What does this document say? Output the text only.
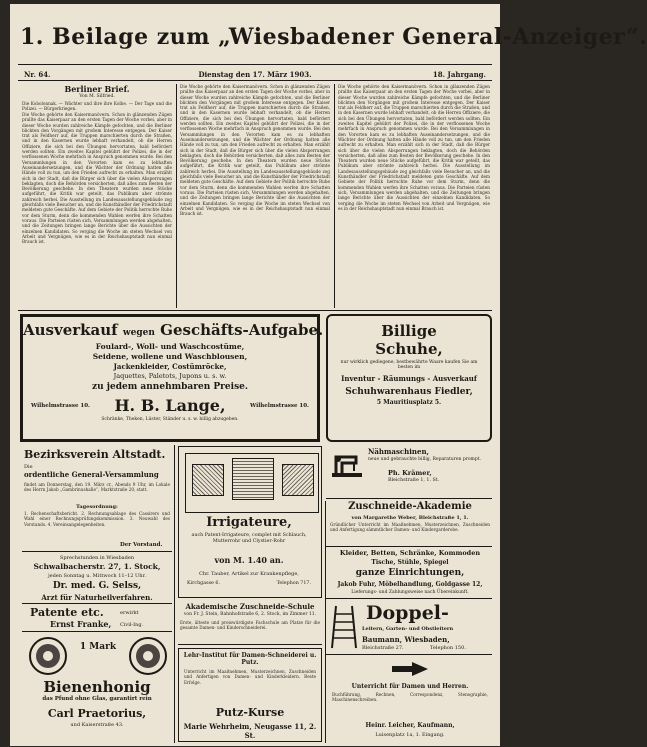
1. Beilage zum „Wiesbadener General-Anzeiger“.
Nr. 64.	Dienstag den 17. März 1903.	18. Jahrgang.
Berliner Brief.
Von M. Silfried.
Die Kobolonnak. — Wächter und ihre ihre Kolbe. — Der Tage und die Polizei. — Bürgerkriegen.
Die Woche gehörte den Kaisermanövern. Schon in glänzenden Zügen prallte das Kaiserpaar an den ersten Tagen der Woche vorbei, aber in dieser Woche wurden zahlreiche Kämpfe gefochten, und die Berliner blickten den Vorgängen mit großem Interesse entgegen. Der Kaiser trat als Feldherr auf, die Truppen marschierten durch die Straßen, und in den Kasernen wurde lebhaft verhandelt, ob die Herren Offiziere, die sich bei den Übungen hervortaten, bald befördert werden sollten. Ein zweites Kapitel gebührt der Polizei, die in der verflossenen Woche mehrfach in Anspruch genommen wurde. Bei den Versammlungen in den Vororten kam es zu lebhaften Auseinandersetzungen, und die Wächter der Ordnung hatten alle Hände voll zu tun, um den Frieden aufrecht zu erhalten. Man erzählt sich in der Stadt, daß die Bürger sich über die vielen Absperrungen beklagten, doch die Behörden versicherten, daß alles zum Besten der Bevölkerung geschehe. In den Theatern wurden neue Stücke aufgeführt, die Kritik war geteilt, das Publikum aber strömte zahlreich herbei. Die Ausstellung im Landesausstellungsgebäude zog gleichfalls viele Besucher an, und die Kunsthändler der Friedrichstadt meldeten gute Geschäfte. Auf dem Gebiete der Politik herrschte Ruhe vor dem Sturm, denn die kommenden Wahlen werfen ihre Schatten voraus. Die Parteien rüsten sich, Versammlungen werden abgehalten, und die Zeitungen bringen lange Berichte über die Aussichten der einzelnen Kandidaten. So verging die Woche im steten Wechsel von Arbeit und Vergnügen, wie es in der Reichshauptstadt nun einmal Brauch ist.
Die Woche gehörte den Kaisermanövern. Schon in glänzenden Zügen prallte das Kaiserpaar an den ersten Tagen der Woche vorbei, aber in dieser Woche wurden zahlreiche Kämpfe gefochten, und die Berliner blickten den Vorgängen mit großem Interesse entgegen. Der Kaiser trat als Feldherr auf, die Truppen marschierten durch die Straßen, und in den Kasernen wurde lebhaft verhandelt, ob die Herren Offiziere, die sich bei den Übungen hervortaten, bald befördert werden sollten. Ein zweites Kapitel gebührt der Polizei, die in der verflossenen Woche mehrfach in Anspruch genommen wurde. Bei den Versammlungen in den Vororten kam es zu lebhaften Auseinandersetzungen, und die Wächter der Ordnung hatten alle Hände voll zu tun, um den Frieden aufrecht zu erhalten. Man erzählt sich in der Stadt, daß die Bürger sich über die vielen Absperrungen beklagten, doch die Behörden versicherten, daß alles zum Besten der Bevölkerung geschehe. In den Theatern wurden neue Stücke aufgeführt, die Kritik war geteilt, das Publikum aber strömte zahlreich herbei. Die Ausstellung im Landesausstellungsgebäude zog gleichfalls viele Besucher an, und die Kunsthändler der Friedrichstadt meldeten gute Geschäfte. Auf dem Gebiete der Politik herrschte Ruhe vor dem Sturm, denn die kommenden Wahlen werfen ihre Schatten voraus. Die Parteien rüsten sich, Versammlungen werden abgehalten, und die Zeitungen bringen lange Berichte über die Aussichten der einzelnen Kandidaten. So verging die Woche im steten Wechsel von Arbeit und Vergnügen, wie es in der Reichshauptstadt nun einmal Brauch ist.
Die Woche gehörte den Kaisermanövern. Schon in glänzenden Zügen prallte das Kaiserpaar an den ersten Tagen der Woche vorbei, aber in dieser Woche wurden zahlreiche Kämpfe gefochten, und die Berliner blickten den Vorgängen mit großem Interesse entgegen. Der Kaiser trat als Feldherr auf, die Truppen marschierten durch die Straßen, und in den Kasernen wurde lebhaft verhandelt, ob die Herren Offiziere, die sich bei den Übungen hervortaten, bald befördert werden sollten. Ein zweites Kapitel gebührt der Polizei, die in der verflossenen Woche mehrfach in Anspruch genommen wurde. Bei den Versammlungen in den Vororten kam es zu lebhaften Auseinandersetzungen, und die Wächter der Ordnung hatten alle Hände voll zu tun, um den Frieden aufrecht zu erhalten. Man erzählt sich in der Stadt, daß die Bürger sich über die vielen Absperrungen beklagten, doch die Behörden versicherten, daß alles zum Besten der Bevölkerung geschehe. In den Theatern wurden neue Stücke aufgeführt, die Kritik war geteilt, das Publikum aber strömte zahlreich herbei. Die Ausstellung im Landesausstellungsgebäude zog gleichfalls viele Besucher an, und die Kunsthändler der Friedrichstadt meldeten gute Geschäfte. Auf dem Gebiete der Politik herrschte Ruhe vor dem Sturm, denn die kommenden Wahlen werfen ihre Schatten voraus. Die Parteien rüsten sich, Versammlungen werden abgehalten, und die Zeitungen bringen lange Berichte über die Aussichten der einzelnen Kandidaten. So verging die Woche im steten Wechsel von Arbeit und Vergnügen, wie es in der Reichshauptstadt nun einmal Brauch ist.
Ausverkauf wegen Geschäfts-Aufgabe.
Foulard-, Woll- und Waschcostüme,
Seidene, wollene und Waschblousen,
Jackenkleider, Costümröcke,
Jaquettes, Paletots, Jupons u. s. w.
zu jedem annehmbaren Preise.
Wilhelmstrasse 10. H. B. Lange,	Wilhelmstrasse 10.
Schränke, Theken, Lüster, Ständer u. s. w. billig abzugeben.
Billige
Schuhe,
nur wirklich gediegene, bestbewährte Waare kaufen Sie am besten im
Inventur - Räumungs - Ausverkauf
Schuhwarenhaus Fiedler,
5 Mauritiusplatz 5.
Nähmaschinen,
neue und gebrauchte billig, Reparaturen prompt.
Ph. Krämer,
Bleichstraße 1, 1. St.
Bezirksverein Altstadt.
Die
ordentliche General-Versammlung
findet am Donnerstag, den 19. März cr., Abends 9 Uhr, im Lokale des Herrn Jakob „Gambrinushalle“, Marktstraße 20, statt.
Tagesordnung:
1. Rechenschaftsbericht. 2. Rechnungsablage des Cassirers und Wahl einer Rechnungsprüfungskommission. 3. Neuwahl des Vorstands. 4. Vereinsangelegenheiten.
Der Vorstand.
Sprechstunden in Wiesbaden
Schwalbacherstr. 27, 1. Stock,
jeden Sonntag u. Mittwoch 11–12 Uhr.
Dr. med. G. Selss,
Arzt für Naturheilverfahren.
Patente etc.	erwirkt
Ernst Franke, Civil-Ing.
1 Mark
Bienenhonig
das Pfund ohne Glas, garantirt rein
Carl Praetorius,
und Kaiserstraße 43.
Irrigateure,
auch Patent-Irrigateure, complet mit Schlauch, Mutterrohr und Clystier-Rohr
von M. 1.40 an.
Chr. Tauber, Artikel zur Krankenpflege,
Kirchgasse 6.	Telephon 717.
Akademische Zuschneide-Schule
von Fr. J. Stein, Bahnhofstraße 6, 2. Stock, im Zimmer 11.
Erste, älteste und preiswürdigste Fachschule am Platze für die gesamte Damen- und Kinderschneiderei.
Lehr-Institut für Damen-Schneiderei u. Putz.
Unterricht im Maaßnehmen, Musterzeichnen, Zuschneiden und Anfertigen von Damen- und Kinderkleidern. Beste Erfolge.
Putz-Kurse
Marie Wehrheim, Neugasse 11, 2. St.
Zuschneide-Akademie
von Margarethe Weber, Bleichstraße 1, 1.
Gründlicher Unterricht im Maaßnehmen, Musterzeichnen, Zuschneiden und Anfertigung sämmtlicher Damen- und Kindergarderobe.
Kleider, Betten, Schränke, Kommoden
Tische, Stühle, Spiegel
ganze Einrichtungen,
Jakob Fuhr, Möbelhandlung, Goldgasse 12,
Lieferungs- und Zahlungsweise nach Übereinkunft.
Doppel-
Leitern, Garten- und Obstleitern
Baumann, Wiesbaden,
Bleichstraße 27.	Telephon 150.
Unterricht für Damen und Herren.
Buchführung, Rechnen, Correspondenz, Stenographie, Maschinenschreiben.
Heinr. Leicher, Kaufmann,
Luisenplatz 1a, 1. Eingang.
